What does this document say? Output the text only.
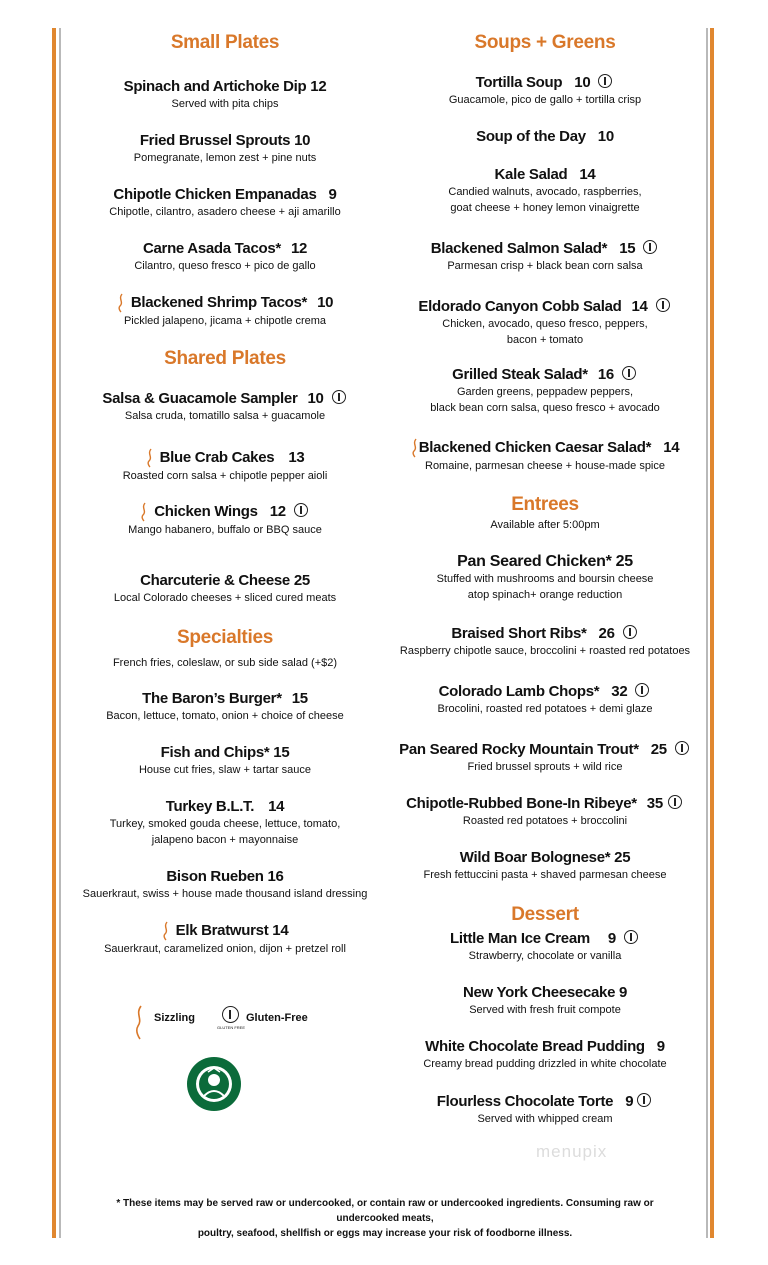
Small Plates
Spinach and Artichoke Dip 12
Served with pita chips
Fried Brussel Sprouts 10
Pomegranate, lemon zest + pine nuts
Chipotle Chicken Empanadas 9
Chipotle, cilantro, asadero cheese + aji amarillo
Carne Asada Tacos* 12
Cilantro, queso fresco + pico de gallo
Blackened Shrimp Tacos* 10
Pickled jalapeno, jicama + chipotle crema
Shared Plates
Salsa & Guacamole Sampler 10
Salsa cruda, tomatillo salsa + guacamole
Blue Crab Cakes 13
Roasted corn salsa + chipotle pepper aioli
Chicken Wings 12
Mango habanero, buffalo or BBQ sauce
Charcuterie & Cheese 25
Local Colorado cheeses + sliced cured meats
Specialties
French fries, coleslaw, or sub side salad (+$2)
The Baron’s Burger* 15
Bacon, lettuce, tomato, onion + choice of cheese
Fish and Chips* 15
House cut fries, slaw + tartar sauce
Turkey B.L.T. 14
Turkey, smoked gouda cheese, lettuce, tomato,
jalapeno bacon + mayonnaise
Bison Rueben 16
Sauerkraut, swiss + house made thousand island dressing
Elk Bratwurst 14
Sauerkraut, caramelized onion, dijon + pretzel roll
Sizzling
GLUTEN FREE
Gluten-Free
Soups + Greens
Tortilla Soup 10
Guacamole, pico de gallo + tortilla crisp
Soup of the Day 10
Kale Salad 14
Candied walnuts, avocado, raspberries,
goat cheese + honey lemon vinaigrette
Blackened Salmon Salad* 15
Parmesan crisp + black bean corn salsa
Eldorado Canyon Cobb Salad 14
Chicken, avocado, queso fresco, peppers,
bacon + tomato
Grilled Steak Salad* 16
Garden greens, peppadew peppers,
black bean corn salsa, queso fresco + avocado
Blackened Chicken Caesar Salad* 14
Romaine, parmesan cheese + house-made spice
Entrees
Available after 5:00pm
Pan Seared Chicken* 25
Stuffed with mushrooms and boursin cheese
atop spinach+ orange reduction
Braised Short Ribs* 26
Raspberry chipotle sauce, broccolini + roasted red potatoes
Colorado Lamb Chops* 32
Brocolini, roasted red potatoes + demi glaze
Pan Seared Rocky Mountain Trout* 25
Fried brussel sprouts + wild rice
Chipotle-Rubbed Bone-In Ribeye* 35
Roasted red potatoes + broccolini
Wild Boar Bolognese* 25
Fresh fettuccini pasta + shaved parmesan cheese
Dessert
Little Man Ice Cream 9
Strawberry, chocolate or vanilla
New York Cheesecake 9
Served with fresh fruit compote
White Chocolate Bread Pudding 9
Creamy bread pudding drizzled in white chocolate
Flourless Chocolate Torte 9
Served with whipped cream
menupix
* These items may be served raw or undercooked, or contain raw or undercooked ingredients. Consuming raw or undercooked meats,
poultry, seafood, shellfish or eggs may increase your risk of foodborne illness.
